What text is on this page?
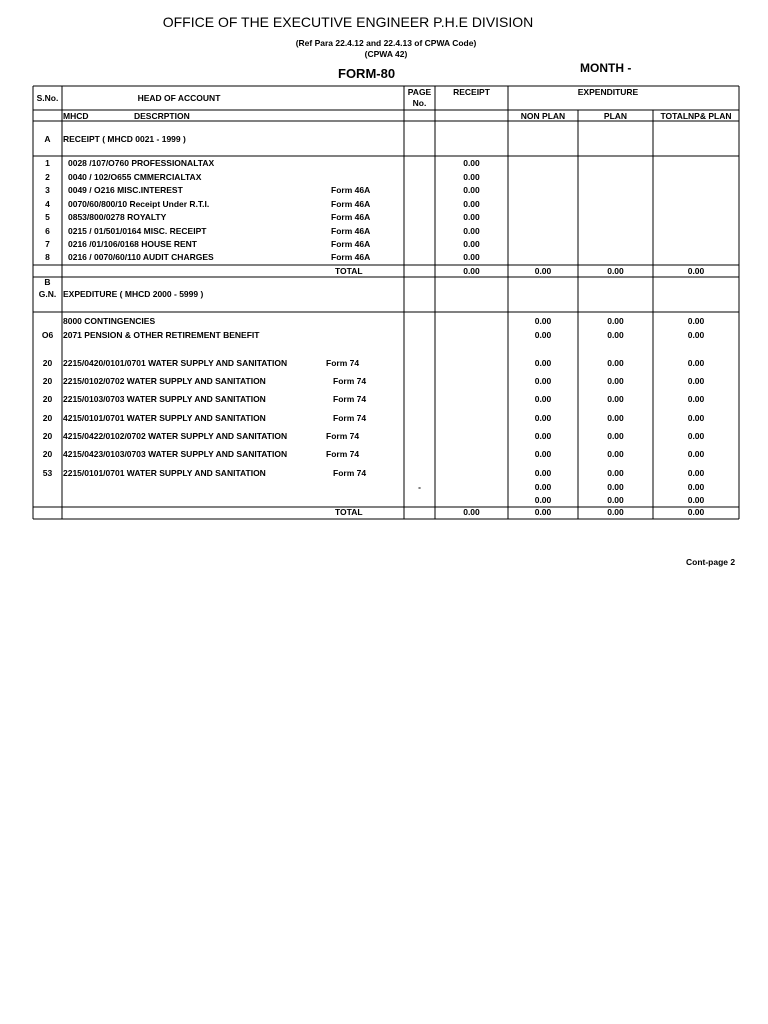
OFFICE OF THE EXECUTIVE ENGINEER P.H.E DIVISION
(Ref Para 22.4.12 and 22.4.13 of CPWA Code)
(CPWA 42)
FORM-80	MONTH -
S.No.	HEAD OF ACCOUNT
PAGE
No.
RECEIPT	EXPENDITURE
MHCD	DESCRPTION	NON PLAN	PLAN	TOTALNP& PLAN
A	RECEIPT ( MHCD 0021 - 1999 )
1	0028 /107/O760 PROFESSIONALTAX	0.00
2	0040 / 102/O655 CMMERCIALTAX	0.00
3	0049 / O216 MISC.INTEREST	Form 46A	0.00
4	0070/60/800/10 Receipt Under R.T.I.	Form 46A	0.00
5	0853/800/0278 ROYALTY	Form 46A	0.00
6	0215 / 01/501/0164 MISC. RECEIPT	Form 46A	0.00
7	0216 /01/106/0168 HOUSE RENT	Form 46A	0.00
8	0216 / 0070/60/110 AUDIT CHARGES	Form 46A	0.00
TOTAL	0.00	0.00	0.00	0.00
B
G.N. EXPEDITURE ( MHCD 2000 - 5999 )
8000 CONTINGENCIES	0.00	0.00	0.00
O6	2071 PENSION & OTHER RETIREMENT BENEFIT	0.00	0.00	0.00
20	2215/0420/0101/0701 WATER SUPPLY AND SANITATION	Form 74	0.00	0.00	0.00
20	2215/0102/0702 WATER SUPPLY AND SANITATION	Form 74	0.00	0.00	0.00
20	2215/0103/0703 WATER SUPPLY AND SANITATION	Form 74	0.00	0.00	0.00
20	4215/0101/0701 WATER SUPPLY AND SANITATION	Form 74	0.00	0.00	0.00
20	4215/0422/0102/0702 WATER SUPPLY AND SANITATION	Form 74	0.00	0.00	0.00
20	4215/0423/0103/0703 WATER SUPPLY AND SANITATION	Form 74	0.00	0.00	0.00
53	2215/0101/0701 WATER SUPPLY AND SANITATION	Form 74	0.00	0.00	0.00
-	0.00	0.00	0.00
0.00	0.00	0.00
TOTAL	0.00	0.00	0.00	0.00
Cont-page 2
